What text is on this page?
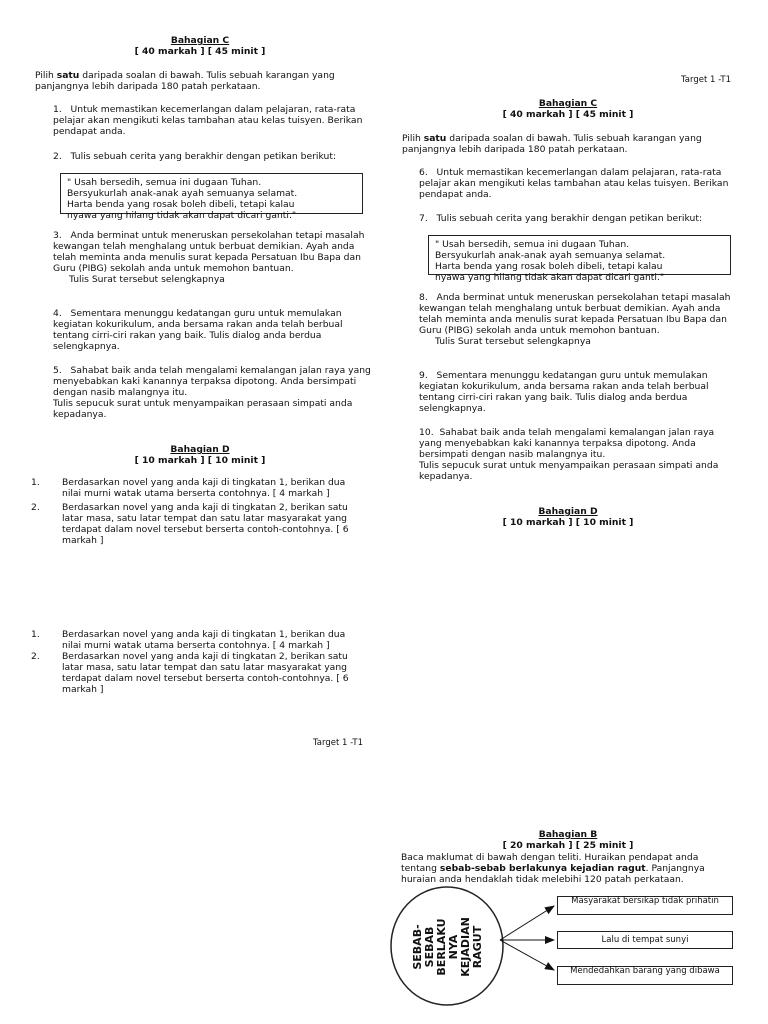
Bahagian C
[ 40 markah ] [ 45 minit ]
Pilih satu daripada soalan di bawah. Tulis sebuah karangan yang panjangnya lebih daripada 180 patah perkataan.
1. Untuk memastikan kecemerlangan dalam pelajaran, rata-rata pelajar akan mengikuti kelas tambahan atau kelas tuisyen. Berikan pendapat anda.
2. Tulis sebuah cerita yang berakhir dengan petikan berikut:
" Usah bersedih, semua ini dugaan Tuhan.
Bersyukurlah anak-anak ayah semuanya selamat.
Harta benda yang rosak boleh dibeli, tetapi kalau
nyawa yang hilang tidak akan dapat dicari ganti."
3. Anda berminat untuk meneruskan persekolahan tetapi masalah kewangan telah menghalang untuk berbuat demikian. Ayah anda telah meminta anda menulis surat kepada Persatuan Ibu Bapa dan Guru (PIBG) sekolah anda untuk memohon bantuan.
Tulis Surat tersebut selengkapnya
4. Sementara menunggu kedatangan guru untuk memulakan kegiatan kokurikulum, anda bersama rakan anda telah berbual tentang cirri-ciri rakan yang baik. Tulis dialog anda berdua selengkapnya.
5. Sahabat baik anda telah mengalami kemalangan jalan raya yang menyebabkan kaki kanannya terpaksa dipotong. Anda bersimpati dengan nasib malangnya itu.
Tulis sepucuk surat untuk menyampaikan perasaan simpati anda kepadanya.
Bahagian D
[ 10 markah ] [ 10 minit ]
1. Berdasarkan novel yang anda kaji di tingkatan 1, berikan dua nilai murni watak utama berserta contohnya. [ 4 markah ]
2. Berdasarkan novel yang anda kaji di tingkatan 2, berikan satu latar masa, satu latar tempat dan satu latar masyarakat yang terdapat dalam novel tersebut berserta contoh-contohnya. [ 6 markah ]
1. Berdasarkan novel yang anda kaji di tingkatan 1, berikan dua nilai murni watak utama berserta contohnya. [ 4 markah ]
2. Berdasarkan novel yang anda kaji di tingkatan 2, berikan satu latar masa, satu latar tempat dan satu latar masyarakat yang terdapat dalam novel tersebut berserta contoh-contohnya. [ 6 markah ]
Target 1 -T1
Target 1 -T1
Bahagian C
[ 40 markah ] [ 45 minit ]
Pilih satu daripada soalan di bawah. Tulis sebuah karangan yang panjangnya lebih daripada 180 patah perkataan.
6. Untuk memastikan kecemerlangan dalam pelajaran, rata-rata pelajar akan mengikuti kelas tambahan atau kelas tuisyen. Berikan pendapat anda.
7. Tulis sebuah cerita yang berakhir dengan petikan berikut:
" Usah bersedih, semua ini dugaan Tuhan.
Bersyukurlah anak-anak ayah semuanya selamat.
Harta benda yang rosak boleh dibeli, tetapi kalau
nyawa yang hilang tidak akan dapat dicari ganti."
8. Anda berminat untuk meneruskan persekolahan tetapi masalah kewangan telah menghalang untuk berbuat demikian. Ayah anda telah meminta anda menulis surat kepada Persatuan Ibu Bapa dan Guru (PIBG) sekolah anda untuk memohon bantuan.
Tulis Surat tersebut selengkapnya
9. Sementara menunggu kedatangan guru untuk memulakan kegiatan kokurikulum, anda bersama rakan anda telah berbual tentang cirri-ciri rakan yang baik. Tulis dialog anda berdua selengkapnya.
10. Sahabat baik anda telah mengalami kemalangan jalan raya yang menyebabkan kaki kanannya terpaksa dipotong. Anda bersimpati dengan nasib malangnya itu.
Tulis sepucuk surat untuk menyampaikan perasaan simpati anda kepadanya.
Bahagian D
[ 10 markah ] [ 10 minit ]
Bahagian B
[ 20 markah ] [ 25 minit ]
Baca maklumat di bawah dengan teliti. Huraikan pendapat anda tentang sebab-sebab berlakunya kejadian ragut. Panjangnya huraian anda hendaklah tidak melebihi 120 patah perkataan.
SEBAB- SEBAB BERLAKU NYA KEJADIAN RAGUT
Masyarakat bersikap tidak prihatin
Lalu di tempat sunyi
Mendedahkan barang yang dibawa
